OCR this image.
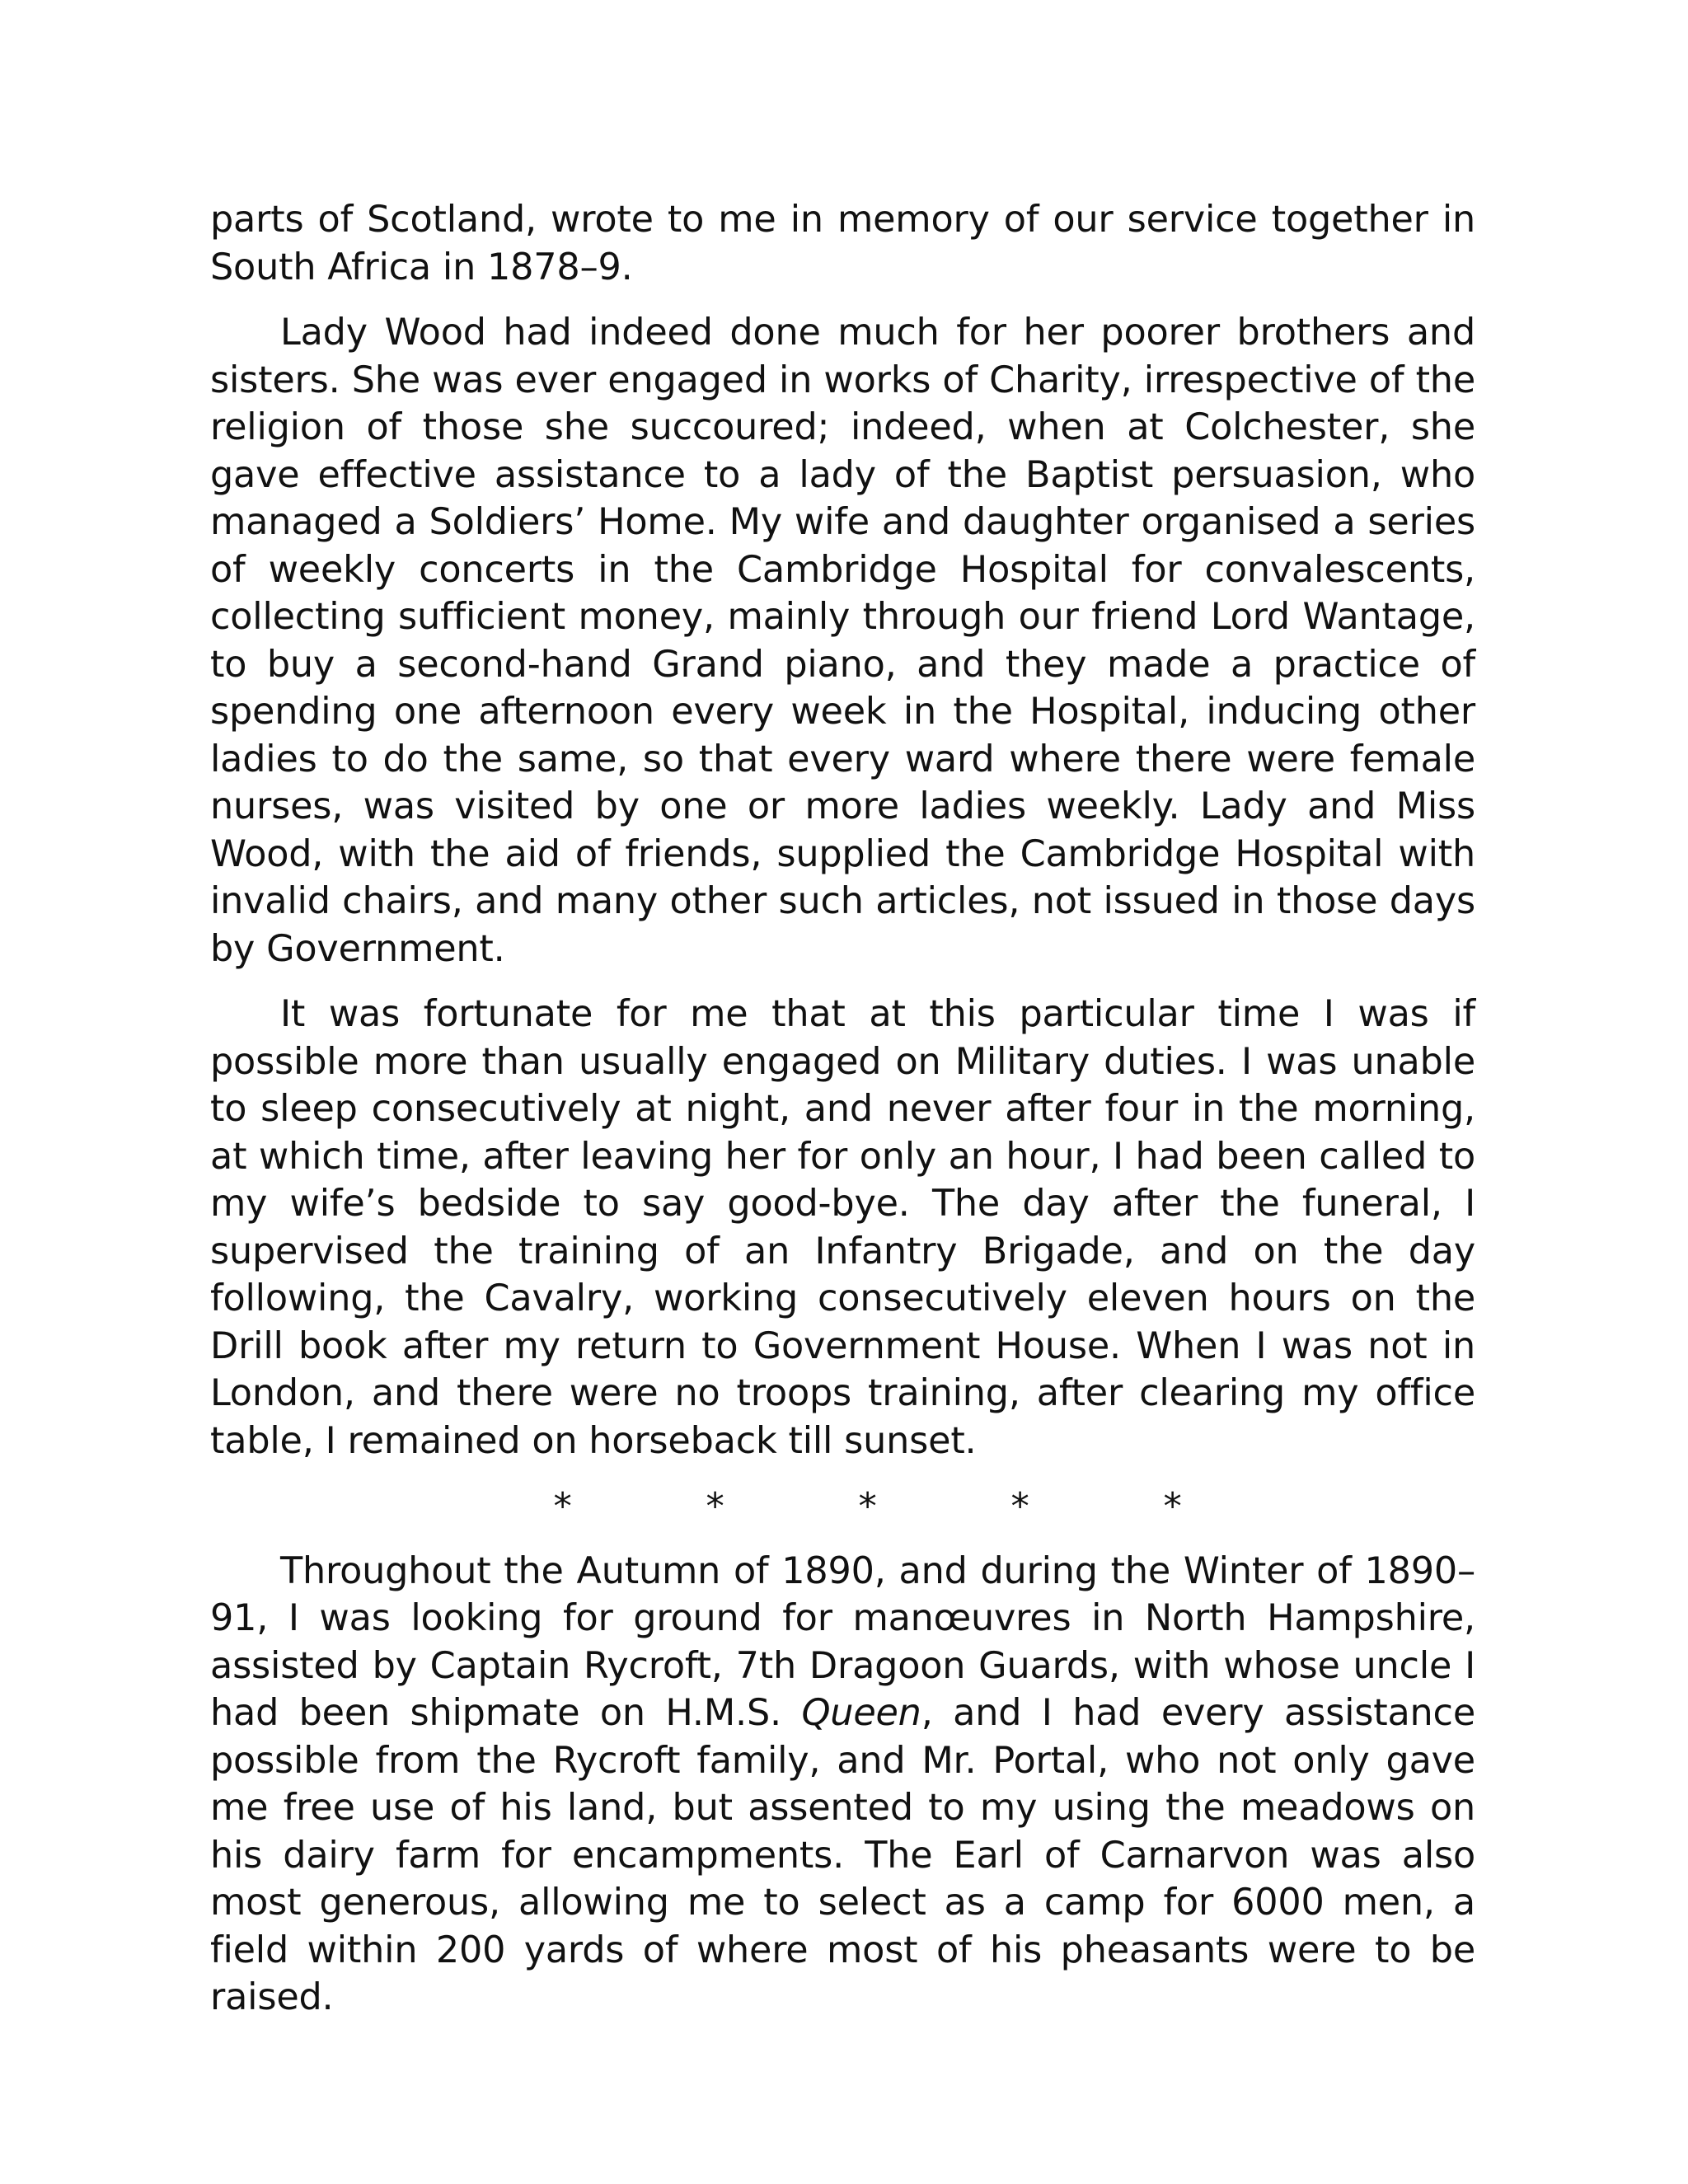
parts of Scotland, wrote to me in memory of our service together in South Africa in 1878–9.

Lady Wood had indeed done much for her poorer brothers and sisters. She was ever engaged in works of Charity, irrespective of the religion of those she succoured; indeed, when at Colchester, she gave effective assistance to a lady of the Baptist persuasion, who managed a Soldiers’ Home. My wife and daughter organised a series of weekly concerts in the Cambridge Hospital for convalescents, collecting sufficient money, mainly through our friend Lord Wantage, to buy a second-hand Grand piano, and they made a practice of spending one afternoon every week in the Hospital, inducing other ladies to do the same, so that every ward where there were female nurses, was visited by one or more ladies weekly. Lady and Miss Wood, with the aid of friends, supplied the Cambridge Hospital with invalid chairs, and many other such articles, not issued in those days by Government.

It was fortunate for me that at this particular time I was if possible more than usually engaged on Military duties. I was unable to sleep consecutively at night, and never after four in the morning, at which time, after leaving her for only an hour, I had been called to my wife’s bedside to say good-bye. The day after the funeral, I supervised the training of an Infantry Brigade, and on the day following, the Cavalry, working consecutively eleven hours on the Drill book after my return to Government House. When I was not in London, and there were no troops training, after clearing my office table, I remained on horseback till sunset.

*	*	*	*	*

Throughout the Autumn of 1890, and during the Winter of 1890–91, I was looking for ground for manœuvres in North Hampshire, assisted by Captain Rycroft, 7th Dragoon Guards, with whose uncle I had been shipmate on H.M.S. Queen, and I had every assistance possible from the Rycroft family, and Mr. Portal, who not only gave me free use of his land, but assented to my using the meadows on his dairy farm for encampments. The Earl of Carnarvon was also most generous, allowing me to select as a camp for 6000 men, a field within 200 yards of where most of his pheasants were to be raised.
